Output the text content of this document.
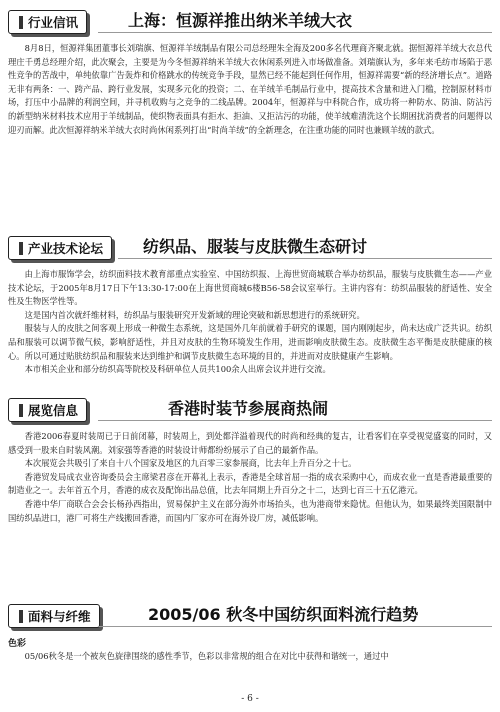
行业信讯	上海：恒源祥推出纳米羊绒大衣

8月8日，恒源祥集团董事长刘瑞旗、恒源祥羊绒制品有限公司总经理朱全海及200多名代理商齐聚北就。据恒源祥羊绒大衣总代理庄千勇总经理介绍，此次聚会，主要是为今冬恒源祥纳米羊绒大衣休闲系列进入市场做准备。刘瑞旗认为，多年来毛纺市场陷于恶性竞争的苦战中，单纯依靠广告轰炸和价格跳水的传统竞争手段，显然已经不能起到任何作用，恒源祥需要“新的经济增长点”。道路无非有两条：一、跨产品、跨行业发展，实现多元化的投资；二、在羊绒羊毛制品行业中，提高技术含量和进入门槛，控制原材料市场，打压中小品牌的利润空间，并寻机收购与之竞争的二线品牌。2004年，恒源祥与中科院合作，成功将一种防水、防油、防沾污的新型纳米材料技术应用于羊绒制品，使织物表面具有拒水、拒油、又拒沾污的功能，使羊绒难清洗这个长期困扰消费者的问题得以迎刃而解。此次恒源祥纳米羊绒大衣时尚休闲系列打出“时尚羊绒”的全新理念，在注重功能的同时也兼顾羊绒的款式。

产业技术论坛 纺织品、服装与皮肤微生态研讨

由上海市服饰学会，纺织面料技术教育部重点实验室、中国纺织报、上海世贸商城联合举办纺织品，服装与皮肤微生态——产业技术论坛，于2005年8月17日下午13:30-17:00在上海世贸商城6楼B56-58会议室举行。主讲内容有：纺织品服装的舒适性、安全性及生物医学性等。

这是国内首次就纤维材料，纺织品与服装研究开发新域的理论突破和新思想进行的系统研究。

服装与人的皮肤之间客观上形成一种微生态系统，这是国外几年前就着手研究的课题，国内刚刚起步，尚未达成广泛共识。纺织品和服装可以调节微气候，影响舒适性，并且对皮肤的生物环境发生作用，进而影响皮肤微生态。皮肤微生态平衡是皮肤健康的核心。所以可通过贴肤纺织品和服装来达到维护和调节皮肤微生态环境的目的，并进而对皮肤健康产生影响。

本市相关企业和部分纺织高等院校及科研单位人员共100余人出席会议并进行交流。

展览信息	香港时装节参展商热闹

香港2006春夏时装周已于日前闭幕，时装周上，到处都洋溢着现代的时尚和经典的复古，让看客们在享受视觉盛宴的同时，又感受到一股来自时装风潮。刘家强等香港的时装设计师都纷纷展示了自己的最新作品。

本次展览会共吸引了来自十八个国家及地区的九百零三家参展商，比去年上升百分之十七。

香港贸发局成衣业咨询委员会主席梁君彦在开幕礼上表示，香港是全球首屈一指的成衣采购中心，而成衣业一直是香港最重要的制造业之一。去年首五个月，香港的成衣及配饰出品总值，比去年同期上升百分之十二，达到七百三十五亿港元。

香港中华厂商联合会会长杨孙西指出，贸易保护主义在部分海外市场抬头，也为港商带来隐忧。但他认为，如果最终美国限制中国纺织品进口，港厂可将生产线搬回香港，而国内厂家亦可在海外设厂房，减低影响。

面料与纤维	2005/06 秋冬中国纺织面料流行趋势
色彩

05/06秋冬是一个被灰色旋律围绕的感性季节，色彩以非常规的组合在对比中获得和谐统一，通过中

- 6 -
